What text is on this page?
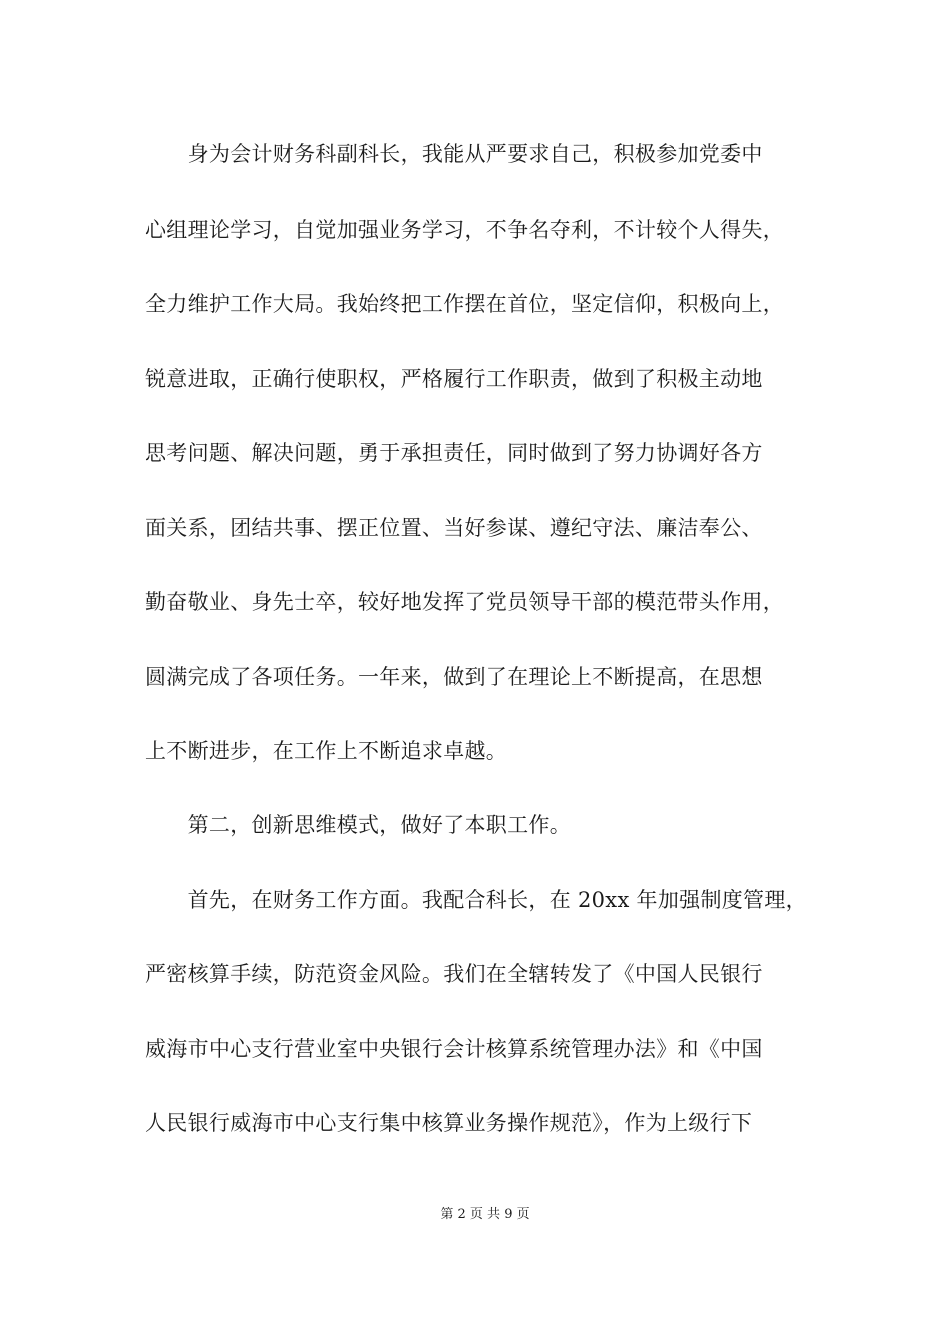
　　身为会计财务科副科长，我能从严要求自己，积极参加党委中
心组理论学习，自觉加强业务学习，不争名夺利，不计较个人得失，
全力维护工作大局。我始终把工作摆在首位，坚定信仰，积极向上，
锐意进取，正确行使职权，严格履行工作职责，做到了积极主动地
思考问题、解决问题，勇于承担责任，同时做到了努力协调好各方
面关系，团结共事、摆正位置、当好参谋、遵纪守法、廉洁奉公、
勤奋敬业、身先士卒，较好地发挥了党员领导干部的模范带头作用，
圆满完成了各项任务。一年来，做到了在理论上不断提高，在思想
上不断进步，在工作上不断追求卓越。
　　第二，创新思维模式，做好了本职工作。
　　首先，在财务工作方面。我配合科长，在 20xx 年加强制度管理，
严密核算手续，防范资金风险。我们在全辖转发了《中国人民银行
威海市中心支行营业室中央银行会计核算系统管理办法》和《中国
人民银行威海市中心支行集中核算业务操作规范》，作为上级行下
第 2 页 共 9 页
